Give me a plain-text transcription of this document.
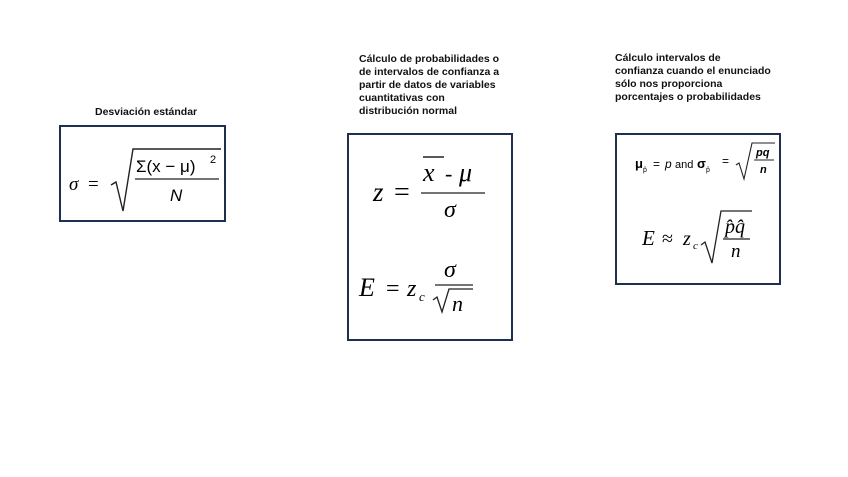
Desviación estándar
σ =
Σ(x − μ) 2
N
Cálculo de probabilidades o
de intervalos de confianza a
partir de datos de variables
cuantitativas con
distribución normal
z =
x - μ
σ
E = z c
σ
n
Cálculo intervalos de
confianza cuando el enunciado
sólo nos proporciona
porcentajes o probabilidades
μ p̂ = p and σ p̂
=
pq
n
E ≈ z c
p̂q̂
n
